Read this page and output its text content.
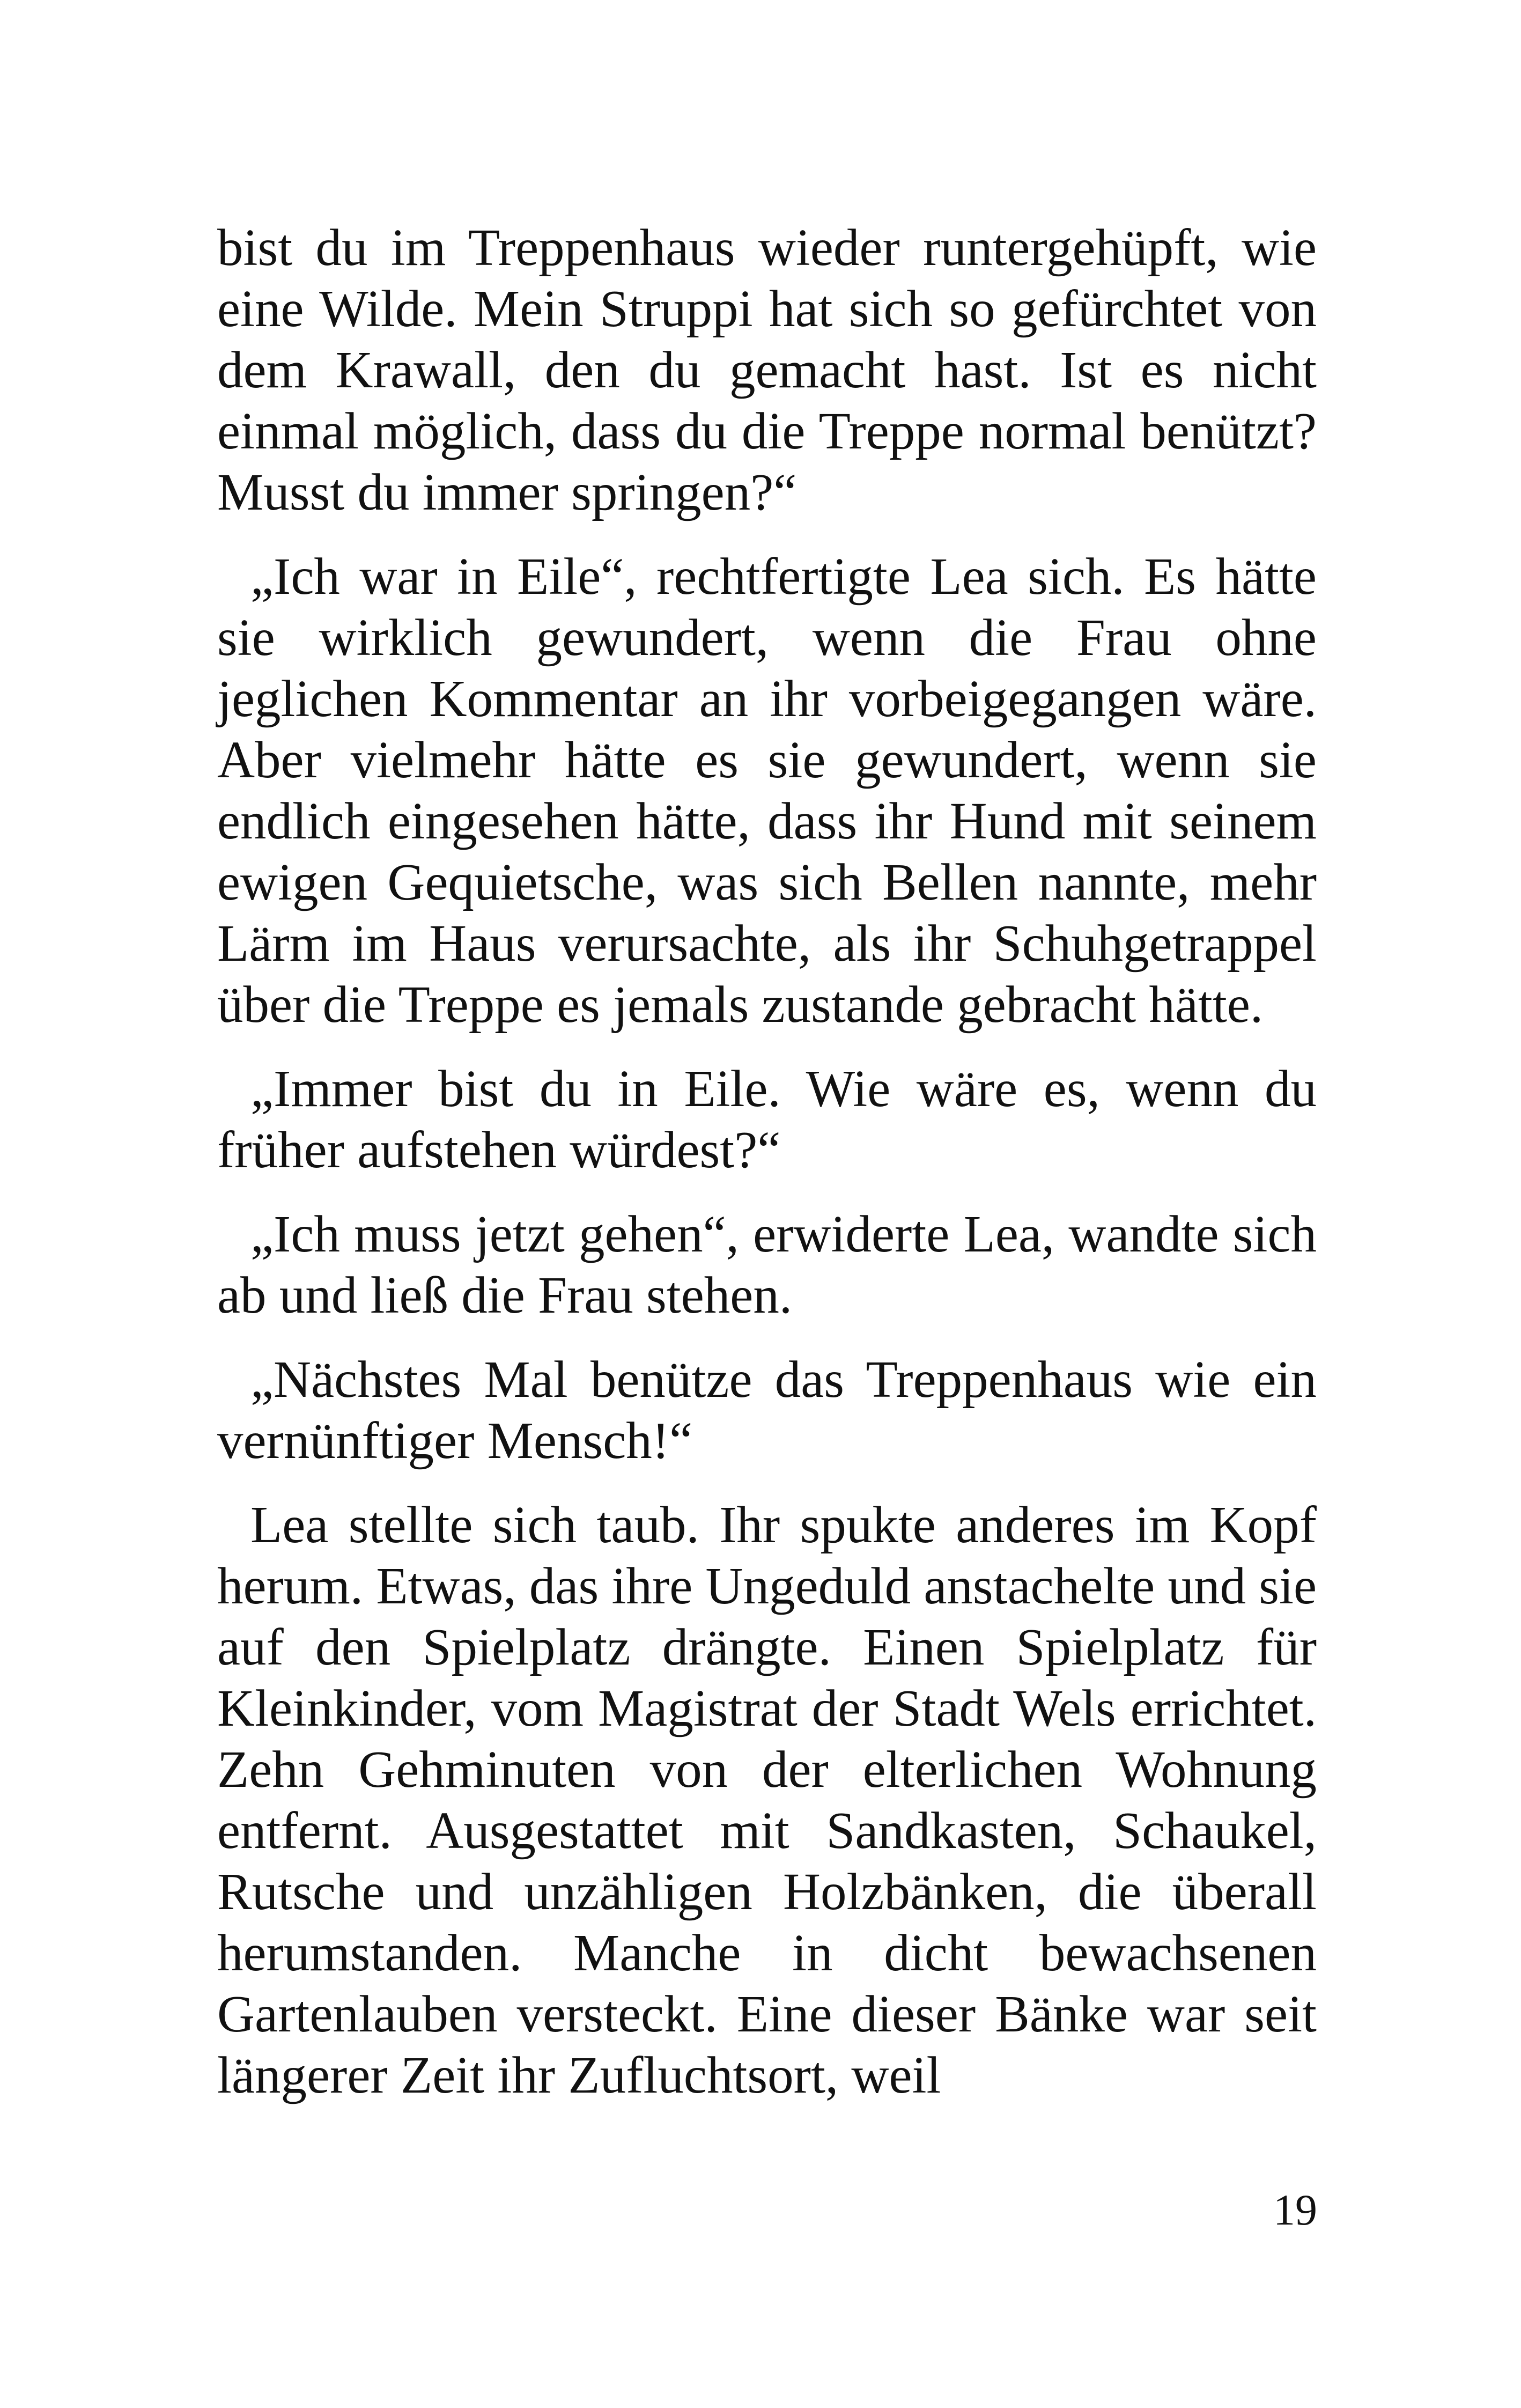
bist du im Treppenhaus wieder runtergehüpft, wie eine Wilde. Mein Struppi hat sich so gefürchtet von dem Krawall, den du gemacht hast. Ist es nicht einmal möglich, dass du die Treppe normal benützt? Musst du immer springen?“

„Ich war in Eile“, rechtfertigte Lea sich. Es hätte sie wirklich gewundert, wenn die Frau ohne jeglichen Kommentar an ihr vorbeigegangen wäre. Aber vielmehr hätte es sie gewundert, wenn sie endlich eingesehen hätte, dass ihr Hund mit seinem ewigen Gequietsche, was sich Bellen nannte, mehr Lärm im Haus verursachte, als ihr Schuhgetrappel über die Treppe es jemals zustande gebracht hätte.

„Immer bist du in Eile. Wie wäre es, wenn du früher aufstehen würdest?“

„Ich muss jetzt gehen“, erwiderte Lea, wandte sich ab und ließ die Frau stehen.

„Nächstes Mal benütze das Treppenhaus wie ein vernünftiger Mensch!“

Lea stellte sich taub. Ihr spukte anderes im Kopf herum. Etwas, das ihre Ungeduld anstachelte und sie auf den Spielplatz drängte. Einen Spielplatz für Kleinkinder, vom Magistrat der Stadt Wels errichtet. Zehn Gehminuten von der elterlichen Wohnung entfernt. Ausgestattet mit Sandkasten, Schaukel, Rutsche und unzähligen Holzbänken, die überall herumstanden. Manche in dicht bewachsenen Gartenlauben versteckt. Eine dieser Bänke war seit längerer Zeit ihr Zufluchtsort, weil

19
